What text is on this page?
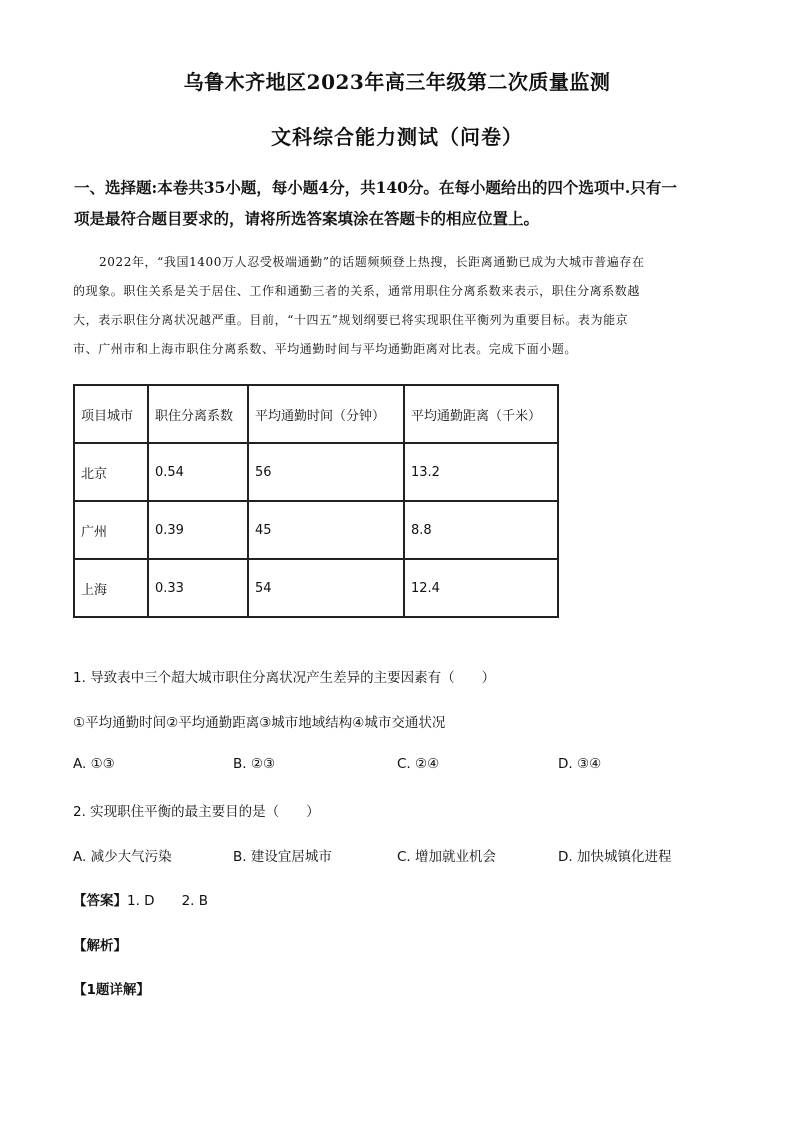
乌鲁木齐地区2023年高三年级第二次质量监测
文科综合能力测试（问卷）
一、选择题:本卷共35小题，每小题4分，共140分。在每小题给出的四个选项中.只有一
项是最符合题目要求的，请将所选答案填涂在答题卡的相应位置上。
2022年，“我国1400万人忍受极端通勤”的话题频频登上热搜，长距离通勤已成为大城市普遍存在
的现象。职住关系是关于居住、工作和通勤三者的关系，通常用职住分离系数来表示，职住分离系数越
大，表示职住分离状况越严重。目前，“十四五”规划纲要已将实现职住平衡列为重要目标。表为能京
市、广州市和上海市职住分离系数、平均通勤时间与平均通勤距离对比表。完成下面小题。
项目城市	职住分离系数	平均通勤时间（分钟）	平均通勤距离（千米）
北京	0.54	56	13.2
广州	0.39	45	8.8
上海	0.33	54	12.4
1. 导致表中三个超大城市职住分离状况产生差异的主要因素有（　　）
①平均通勤时间②平均通勤距离③城市地域结构④城市交通状况
A. ①③	B. ②③	C. ②④	D. ③④
2. 实现职住平衡的最主要目的是（　　）
A. 减少大气污染	B. 建设宜居城市	C. 增加就业机会	D. 加快城镇化进程
【答案】1. D　　2. B
【解析】
【1题详解】
